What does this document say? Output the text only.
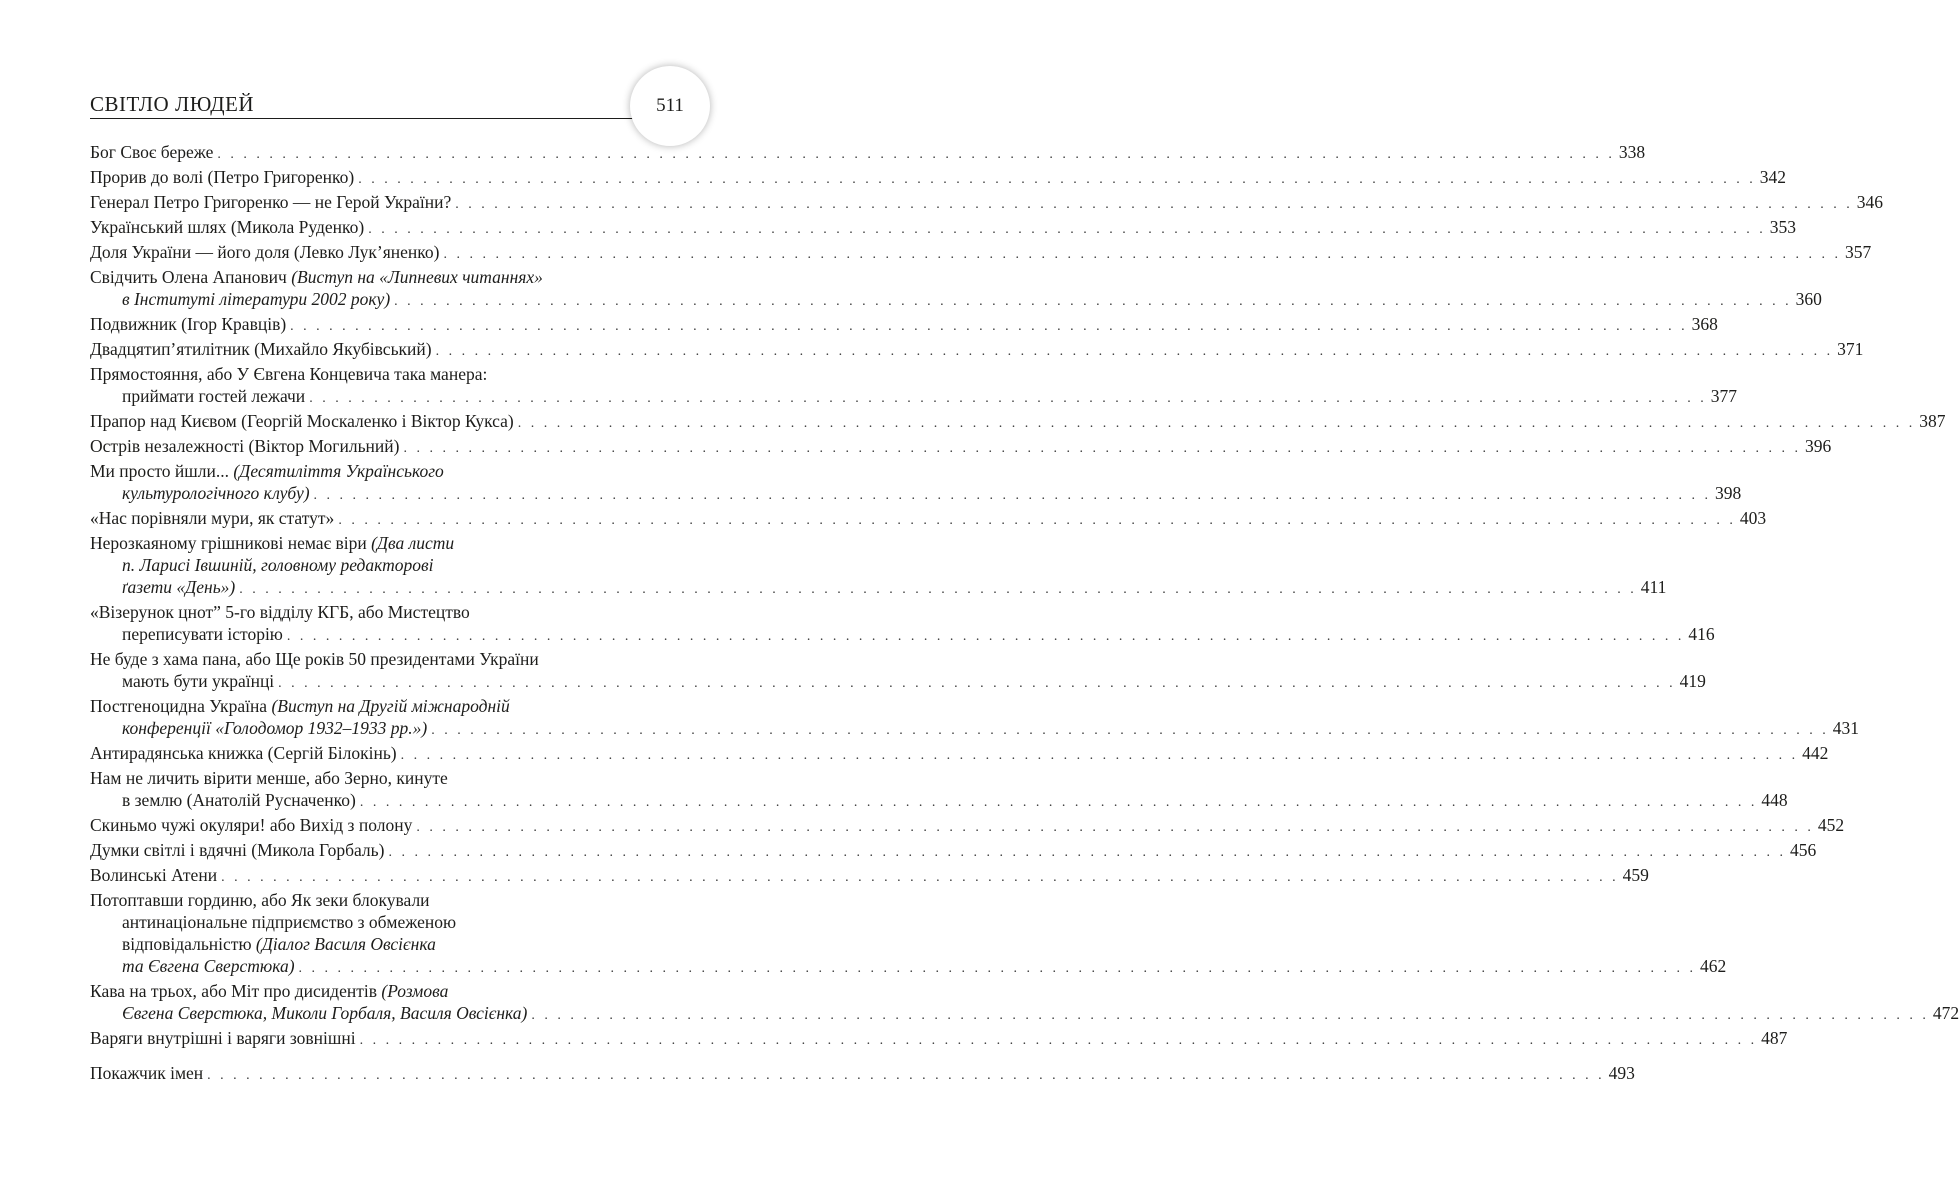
СВІТЛО ЛЮДЕЙ	511
Бог Своє береже . . .	338
Прорив до волі (Петро Григоренко) . . .	342
Генерал Петро Григоренко — не Герой України? . . .	346
Український шлях (Микола Руденко) . . .	353
Доля України — його доля (Левко Лук’яненко) . . .	357
Свідчить Олена Апанович (Виступ на «Липневих читаннях»
в Інституті літератури 2002 року) . . .	360
Подвижник (Ігор Кравців) . . .	368
Двадцятип’ятилітник (Михайло Якубівський) . . .	371
Прямостояння, або У Євгена Концевича така манера:
приймати гостей лежачи . . .	377
Прапор над Києвом (Георгій Москаленко і Віктор Кукса) . . .	387
Острів незалежності (Віктор Могильний) . . .	396
Ми просто йшли... (Десятиліття Українського
культурологічного клубу) . . .	398
«Нас порівняли мури, як статут» . . .	403
Нерозкаяному грішникові немає віри (Два листи
п. Ларисі Івшиній, головному редакторові
ґазети «День») . . .	411
«Візерунок цнот” 5-го відділу КГБ, або Мистецтво
переписувати історію . . .	416
Не буде з хама пана, або Ще років 50 президентами України
мають бути українці . . .	419
Постгеноцидна Україна (Виступ на Другій міжнародній
конференції «Голодомор 1932–1933 рр.») . . .	431
Антирадянська книжка (Сергій Білокінь) . . .	442
Нам не личить вірити менше, або Зерно, кинуте
в землю (Анатолій Русначенко) . . .	448
Скиньмо чужі окуляри! або Вихід з полону . . .	452
Думки світлі і вдячні (Микола Горбаль) . . .	456
Волинські Атени . . .	459
Потоптавши гординю, або Як зеки блокували
антинаціональне підприємство з обмеженою
відповідальністю (Діалог Василя Овсієнка
та Євгена Сверстюка) . . .	462
Кава на трьох, або Міт про дисидентів (Розмова
Євгена Сверстюка, Миколи Горбаля, Василя Овсієнка) . . .	472
Варяги внутрішні і варяги зовнішні . . .	487
Покажчик імен . . .	493
